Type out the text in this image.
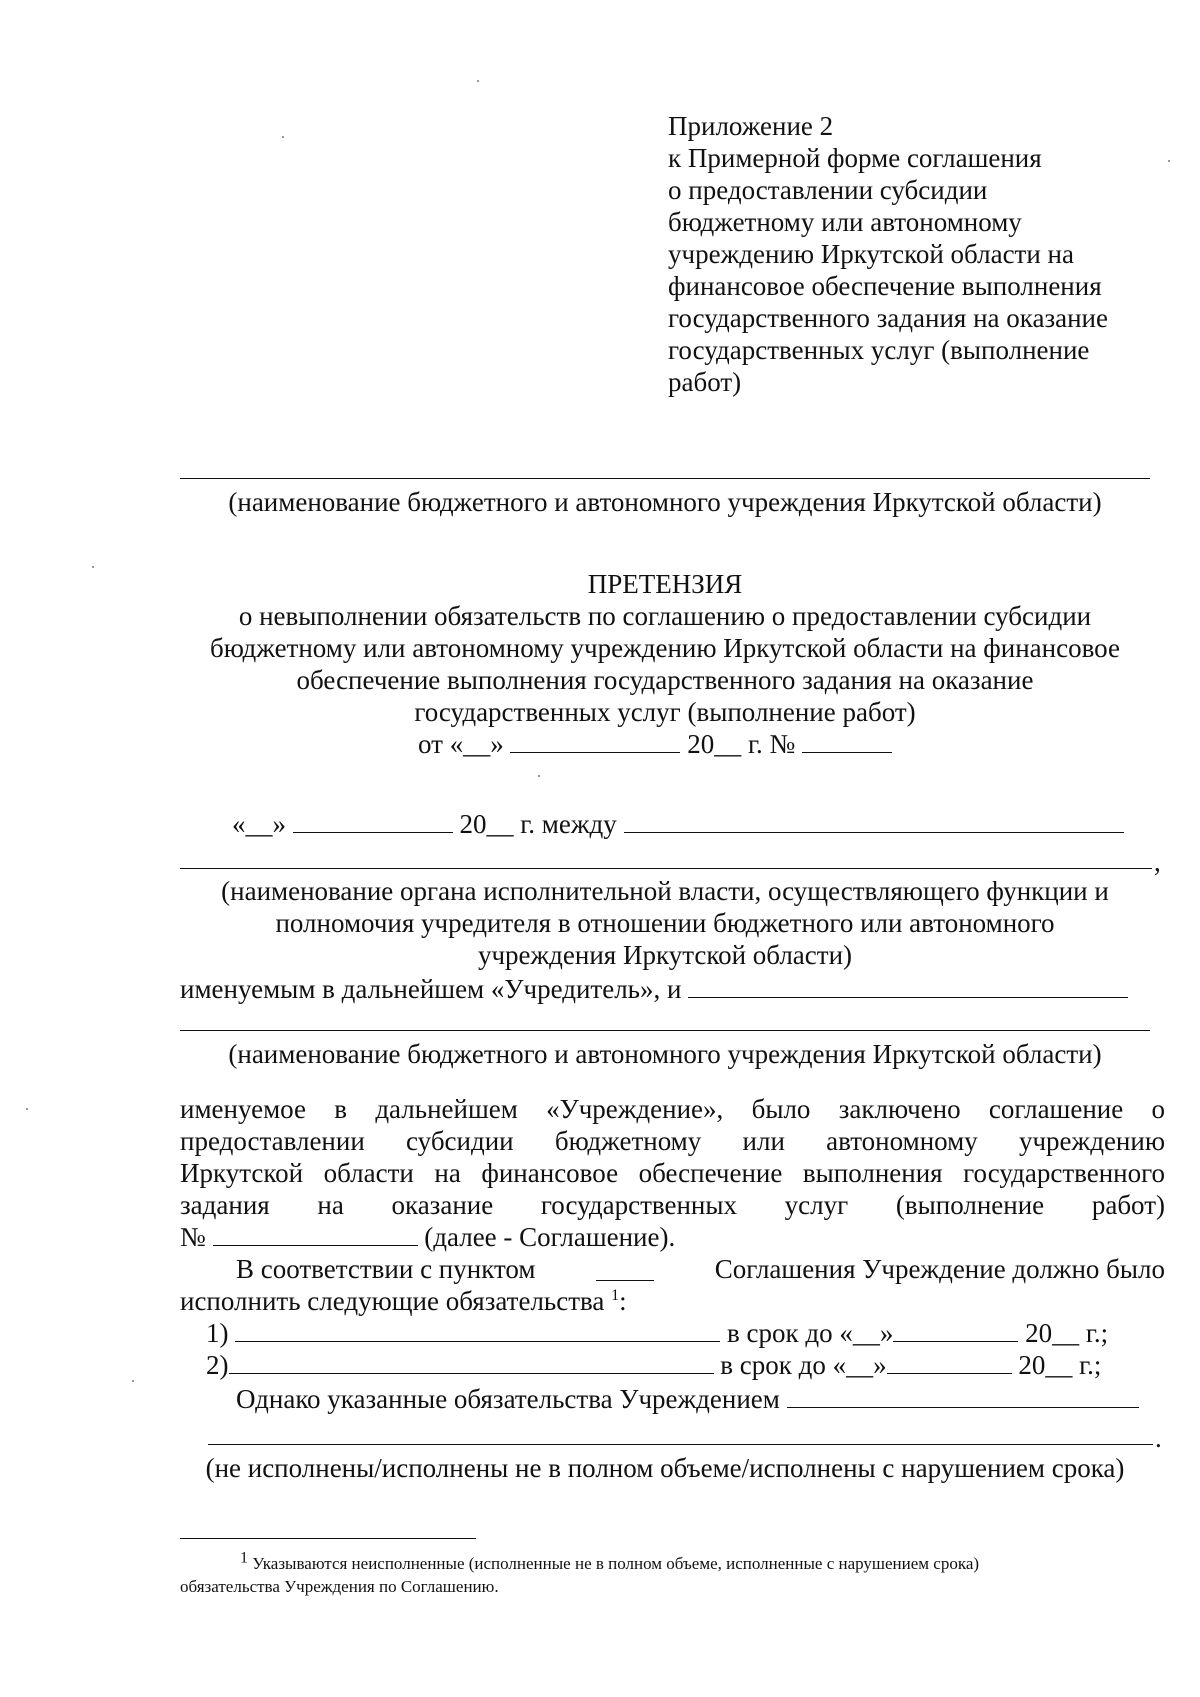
Приложение 2
к Примерной форме соглашения
о предоставлении субсидии
бюджетному или автономному
учреждению Иркутской области на
финансовое обеспечение выполнения
государственного задания на оказание
государственных услуг (выполнение
работ)
(наименование бюджетного и автономного учреждения Иркутской области)
ПРЕТЕНЗИЯ
о невыполнении обязательств по соглашению о предоставлении субсидии
бюджетному или автономному учреждению Иркутской области на финансовое
обеспечение выполнения государственного задания на оказание
государственных услуг (выполнение работ)
от «__»	20__ г. №
«__»	20__ г. между
,
(наименование органа исполнительной власти, осуществляющего функции и
полномочия учредителя в отношении бюджетного или автономного
учреждения Иркутской области)
именуемым в дальнейшем «Учредитель», и
(наименование бюджетного и автономного учреждения Иркутской области)
именуемое в дальнейшем «Учреждение», было заключено соглашение о
предоставлении субсидии бюджетному или автономному учреждению
Иркутской области на финансовое обеспечение выполнения государственного
задания на оказание государственных услуг (выполнение работ)
№	(далее - Соглашение).
В соответствии с пунктом	Соглашения Учреждение должно было
исполнить следующие обязательства $^1$:
1)	в срок до «__»	20__ г.;
2)	в срок до «__»	20__ г.;
Однако указанные обязательства Учреждением
.
(не исполнены/исполнены не в полном объеме/исполнены с нарушением срока)
$^1$ Указываются неисполненные (исполненные не в полном объеме, исполненные с нарушением срока)
обязательства Учреждения по Соглашению.
